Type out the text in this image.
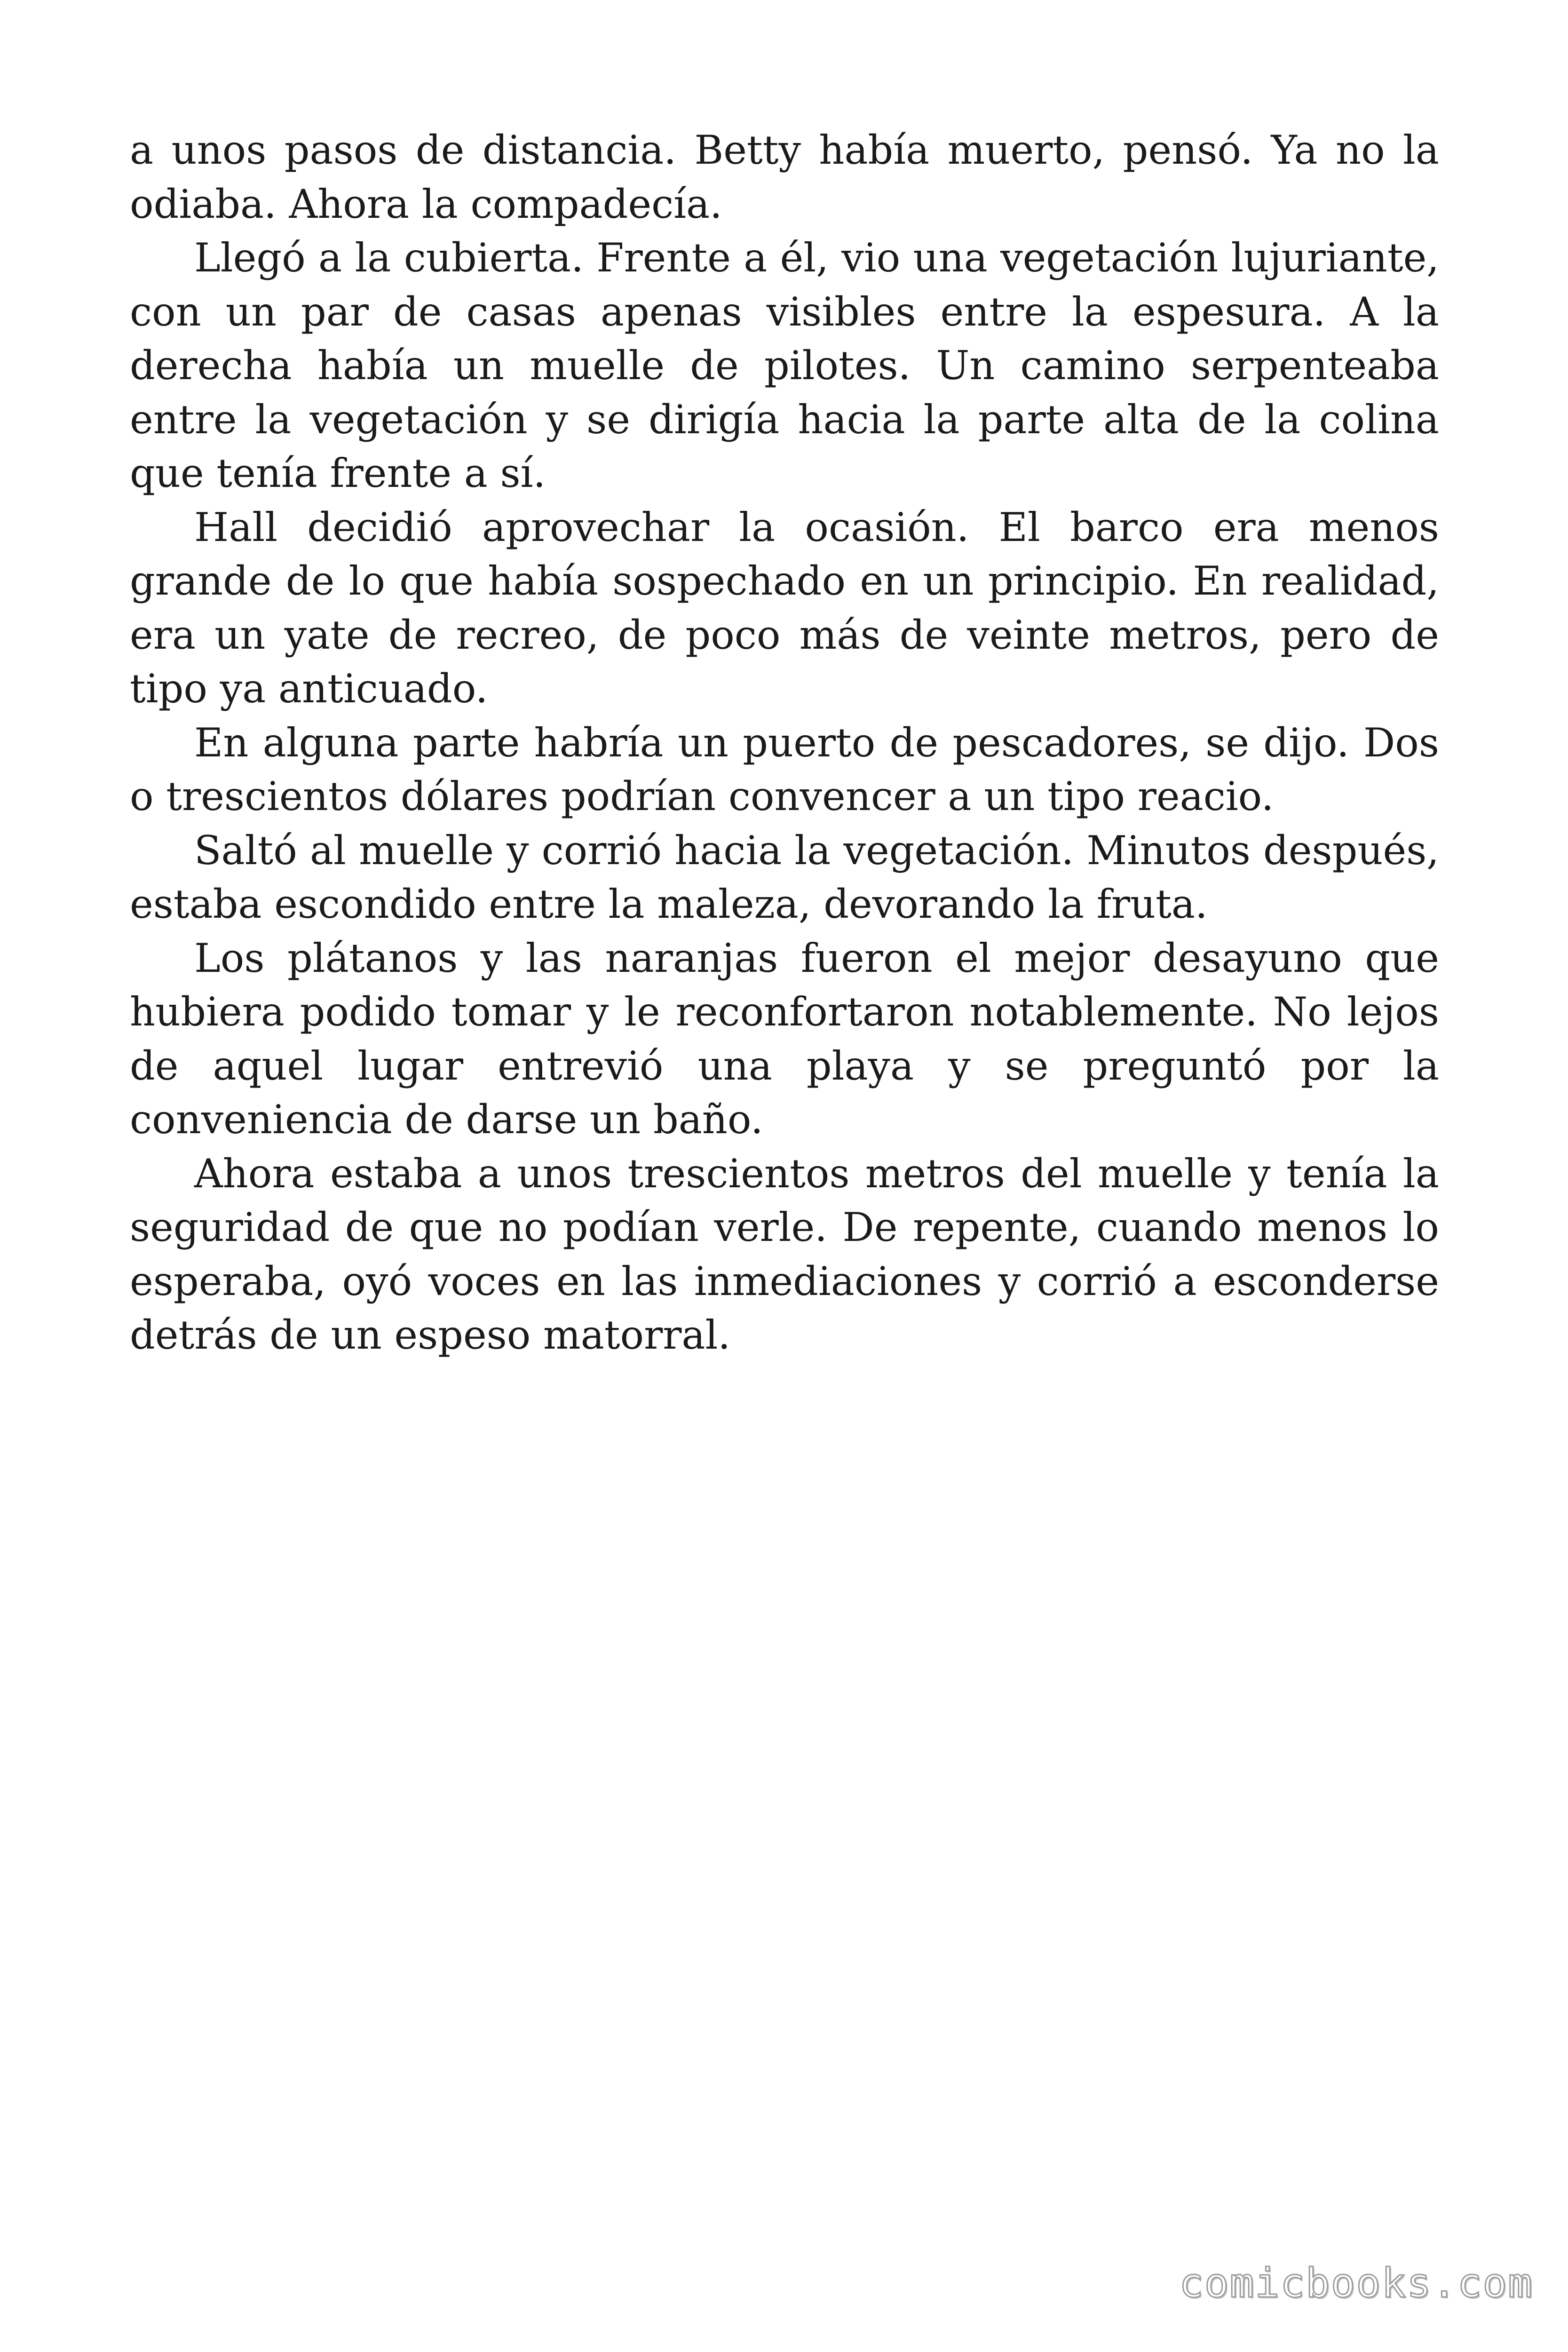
a unos pasos de distancia. Betty había muerto, pensó. Ya no la odiaba. Ahora la compadecía.

Llegó a la cubierta. Frente a él, vio una vegetación lujuriante, con un par de casas apenas visibles entre la espesura. A la derecha había un muelle de pilotes. Un camino serpenteaba entre la vegetación y se dirigía hacia la parte alta de la colina que tenía frente a sí.

Hall decidió aprovechar la ocasión. El barco era menos grande de lo que había sospechado en un principio. En realidad, era un yate de recreo, de poco más de veinte metros, pero de tipo ya anticuado.

En alguna parte habría un puerto de pescadores, se dijo. Dos o trescientos dólares podrían convencer a un tipo reacio.

Saltó al muelle y corrió hacia la vegetación. Minutos después, estaba escondido entre la maleza, devorando la fruta.

Los plátanos y las naranjas fueron el mejor desayuno que hubiera podido tomar y le reconfortaron notablemente. No lejos de aquel lugar entrevió una playa y se preguntó por la conveniencia de darse un baño.

Ahora estaba a unos trescientos metros del muelle y tenía la seguridad de que no podían verle. De repente, cuando menos lo esperaba, oyó voces en las inmediaciones y corrió a esconderse detrás de un espeso matorral.

comicbooks.com
